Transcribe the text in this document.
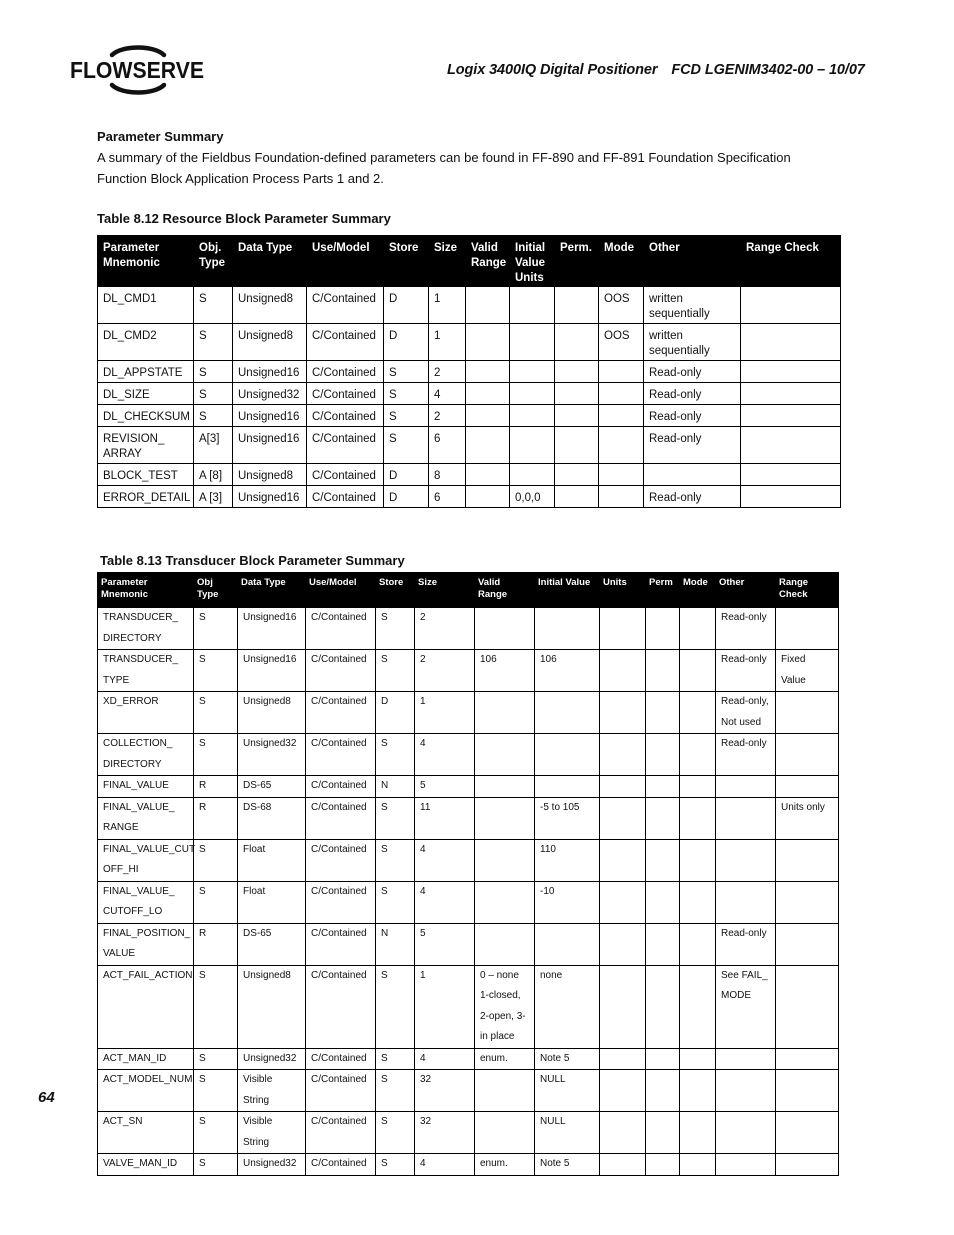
FLOWSERVE	Logix 3400IQ Digital Positioner FCD LGENIM3402-00 – 10/07
Parameter Summary
A summary of the Fieldbus Foundation-defined parameters can be found in FF-890 and FF-891 Foundation Specification Function Block Application Process Parts 1 and 2.
Table 8.12 Resource Block Parameter Summary
Parameter Mnemonic	Obj. Type	Data Type	Use/Model	Store	Size	Valid Range	Initial Value Units	Perm.	Mode	Other	Range Check
DL_CMD1	S	Unsigned8	C/Contained	D	1				OOS	written sequentially	
DL_CMD2	S	Unsigned8	C/Contained	D	1				OOS	written sequentially	
DL_APPSTATE	S	Unsigned16	C/Contained	S	2					Read-only	
DL_SIZE	S	Unsigned32	C/Contained	S	4					Read-only	
DL_CHECKSUM	S	Unsigned16	C/Contained	S	2					Read-only	
REVISION_ ARRAY	A[3]	Unsigned16	C/Contained	S	6					Read-only	
BLOCK_TEST	A [8]	Unsigned8	C/Contained	D	8						
ERROR_DETAIL	A [3]	Unsigned16	C/Contained	D	6		0,0,0			Read-only	
Table 8.13 Transducer Block Parameter Summary
Parameter Mnemonic	Obj Type	Data Type	Use/Model	Store	Size	Valid Range	Initial Value	Units	Perm	Mode	Other	Range Check
TRANSDUCER_ DIRECTORY	S	Unsigned16	C/Contained	S	2						Read-only	
TRANSDUCER_ TYPE	S	Unsigned16	C/Contained	S	2	106	106				Read-only	Fixed Value
XD_ERROR	S	Unsigned8	C/Contained	D	1						Read-only, Not used	
COLLECTION_ DIRECTORY	S	Unsigned32	C/Contained	S	4						Read-only	
FINAL_VALUE	R	DS-65	C/Contained	N	5							
FINAL_VALUE_ RANGE	R	DS-68	C/Contained	S	11		-5 to 105					Units only
FINAL_VALUE_CUT OFF_HI	S	Float	C/Contained	S	4		110					
FINAL_VALUE_ CUTOFF_LO	S	Float	C/Contained	S	4		-10					
FINAL_POSITION_ VALUE	R	DS-65	C/Contained	N	5						Read-only	
ACT_FAIL_ACTION	S	Unsigned8	C/Contained	S	1	0 – none 1-closed, 2-open, 3-in place	none				See FAIL_ MODE	
ACT_MAN_ID	S	Unsigned32	C/Contained	S	4	enum.	Note 5					
ACT_MODEL_NUM	S	Visible String	C/Contained	S	32		NULL					
ACT_SN	S	Visible String	C/Contained	S	32		NULL					
VALVE_MAN_ID	S	Unsigned32	C/Contained	S	4	enum.	Note 5					
64
